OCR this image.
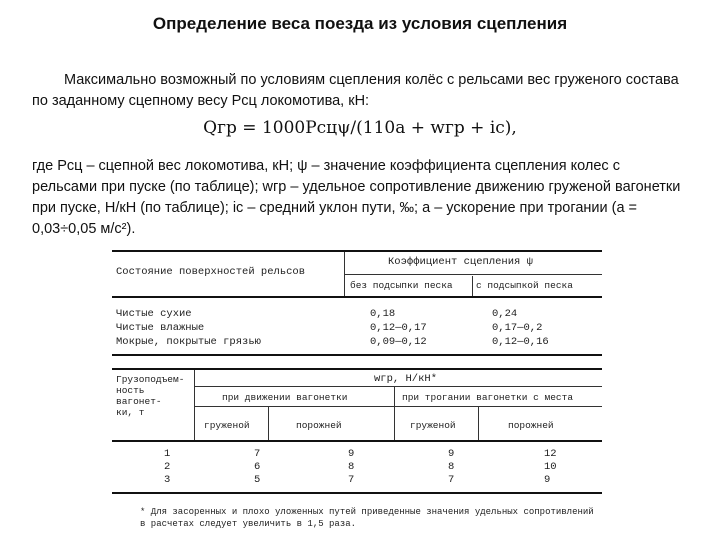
Определение веса поезда из условия сцепления
Максимально возможный по условиям сцепления колёс с рельсами вес груженого состава по заданному сцепному весу Pсц локомотива, кН:
Qгр = 1000Pсцψ/(110a + wгр + iс),
где Pсц – сцепной вес локомотива, кН; ψ – значение коэффициента сцепления колес с рельсами при пуске (по таблице); wгр – удельное сопротивление движению груженой вагонетки при пуске, Н/кН (по таблице); iс – средний уклон пути, ‰; a – ускорение при трогании (a = 0,03÷0,05 м/с²).
Состояние поверхностей рельсов
Коэффициент сцепления ψ
без подсыпки песка с подсыпкой песка
Чистые сухие	0,18	0,24
Чистые влажные	0,12—0,17	0,17—0,2
Мокрые, покрытые грязью	0,09—0,12	0,12—0,16
Грузоподъем-
ность
вагонет-
ки, т
wгр, Н/кН*
при движении вагонетки	при трогании вагонетки с места
груженой	порожней	груженой	порожней
1	7	9	9	12
2	6	8	8	10
3	5	7	7	9
* Для засоренных и плохо уложенных путей приведенные значения удельных сопротивлений в расчетах следует увеличить в 1,5 раза.
